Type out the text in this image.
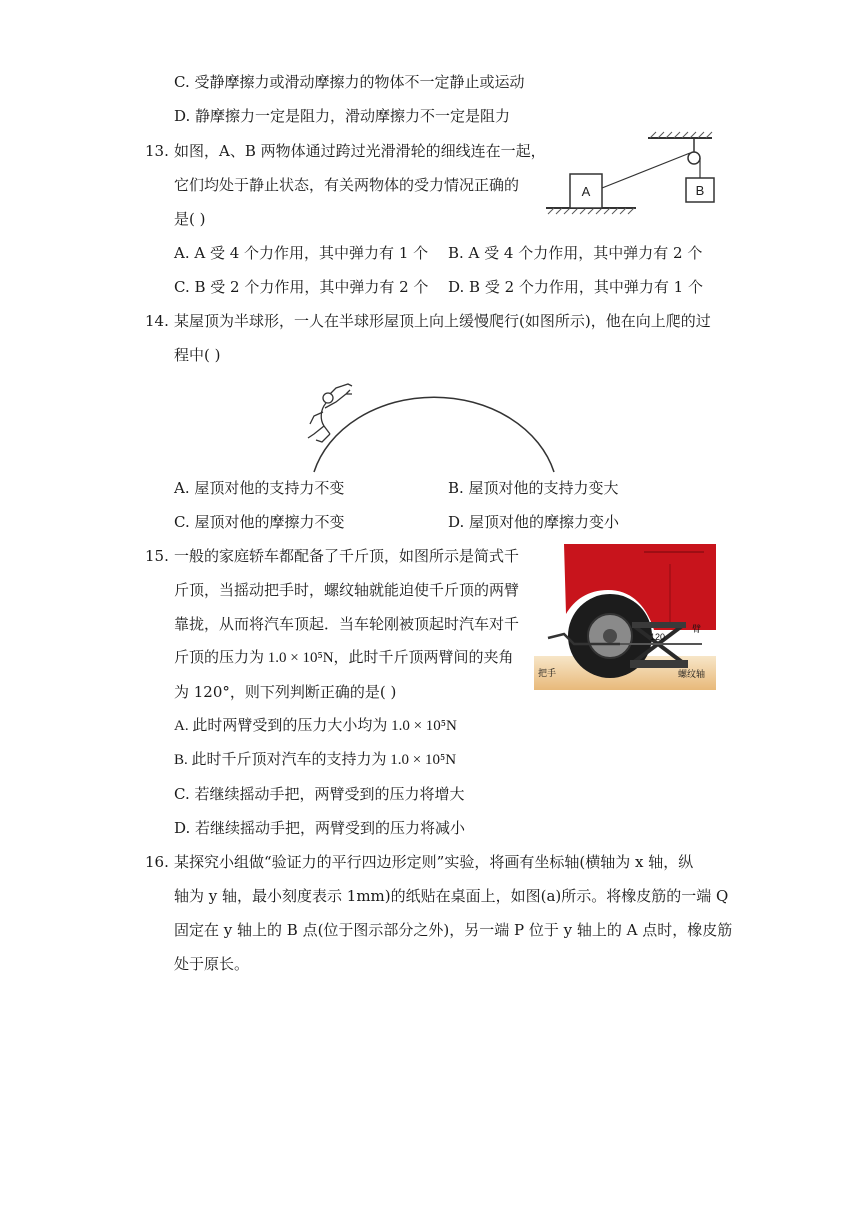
C. 受静摩擦力或滑动摩擦力的物体不一定静止或运动
D. 静摩擦力一定是阻力，滑动摩擦力不一定是阻力
13. 如图，A、B 两物体通过跨过光滑滑轮的细线连在一起，
它们均处于静止状态，有关两物体的受力情况正确的
是( )
A	B
A. A 受 4 个力作用，其中弹力有 1 个 B. A 受 4 个力作用，其中弹力有 2 个
C. B 受 2 个力作用，其中弹力有 2 个 D. B 受 2 个力作用，其中弹力有 1 个
14. 某屋顶为半球形，一人在半球形屋顶上向上缓慢爬行(如图所示)，他在向上爬的过
程中( )
A. 屋顶对他的支持力不变	B. 屋顶对他的支持力变大
C. 屋顶对他的摩擦力不变	D. 屋顶对他的摩擦力变小
15. 一般的家庭轿车都配备了千斤顶，如图所示是简式千
斤顶，当摇动把手时，螺纹轴就能迫使千斤顶的两臂
靠拢，从而将汽车顶起．当车轮刚被顶起时汽车对千
斤顶的压力为 1.0 × 10⁵N，此时千斤顶两臂间的夹角
为 120°，则下列判断正确的是( )
120
臂
螺纹轴
把手
A. 此时两臂受到的压力大小均为 1.0 × 10⁵N
B. 此时千斤顶对汽车的支持力为 1.0 × 10⁵N
C. 若继续摇动手把，两臂受到的压力将增大
D. 若继续摇动手把，两臂受到的压力将减小
16. 某探究小组做“验证力的平行四边形定则”实验，将画有坐标轴(横轴为 x 轴，纵
轴为 y 轴，最小刻度表示 1mm)的纸贴在桌面上，如图(a)所示。将橡皮筋的一端 Q
固定在 y 轴上的 B 点(位于图示部分之外)，另一端 P 位于 y 轴上的 A 点时，橡皮筋
处于原长。
